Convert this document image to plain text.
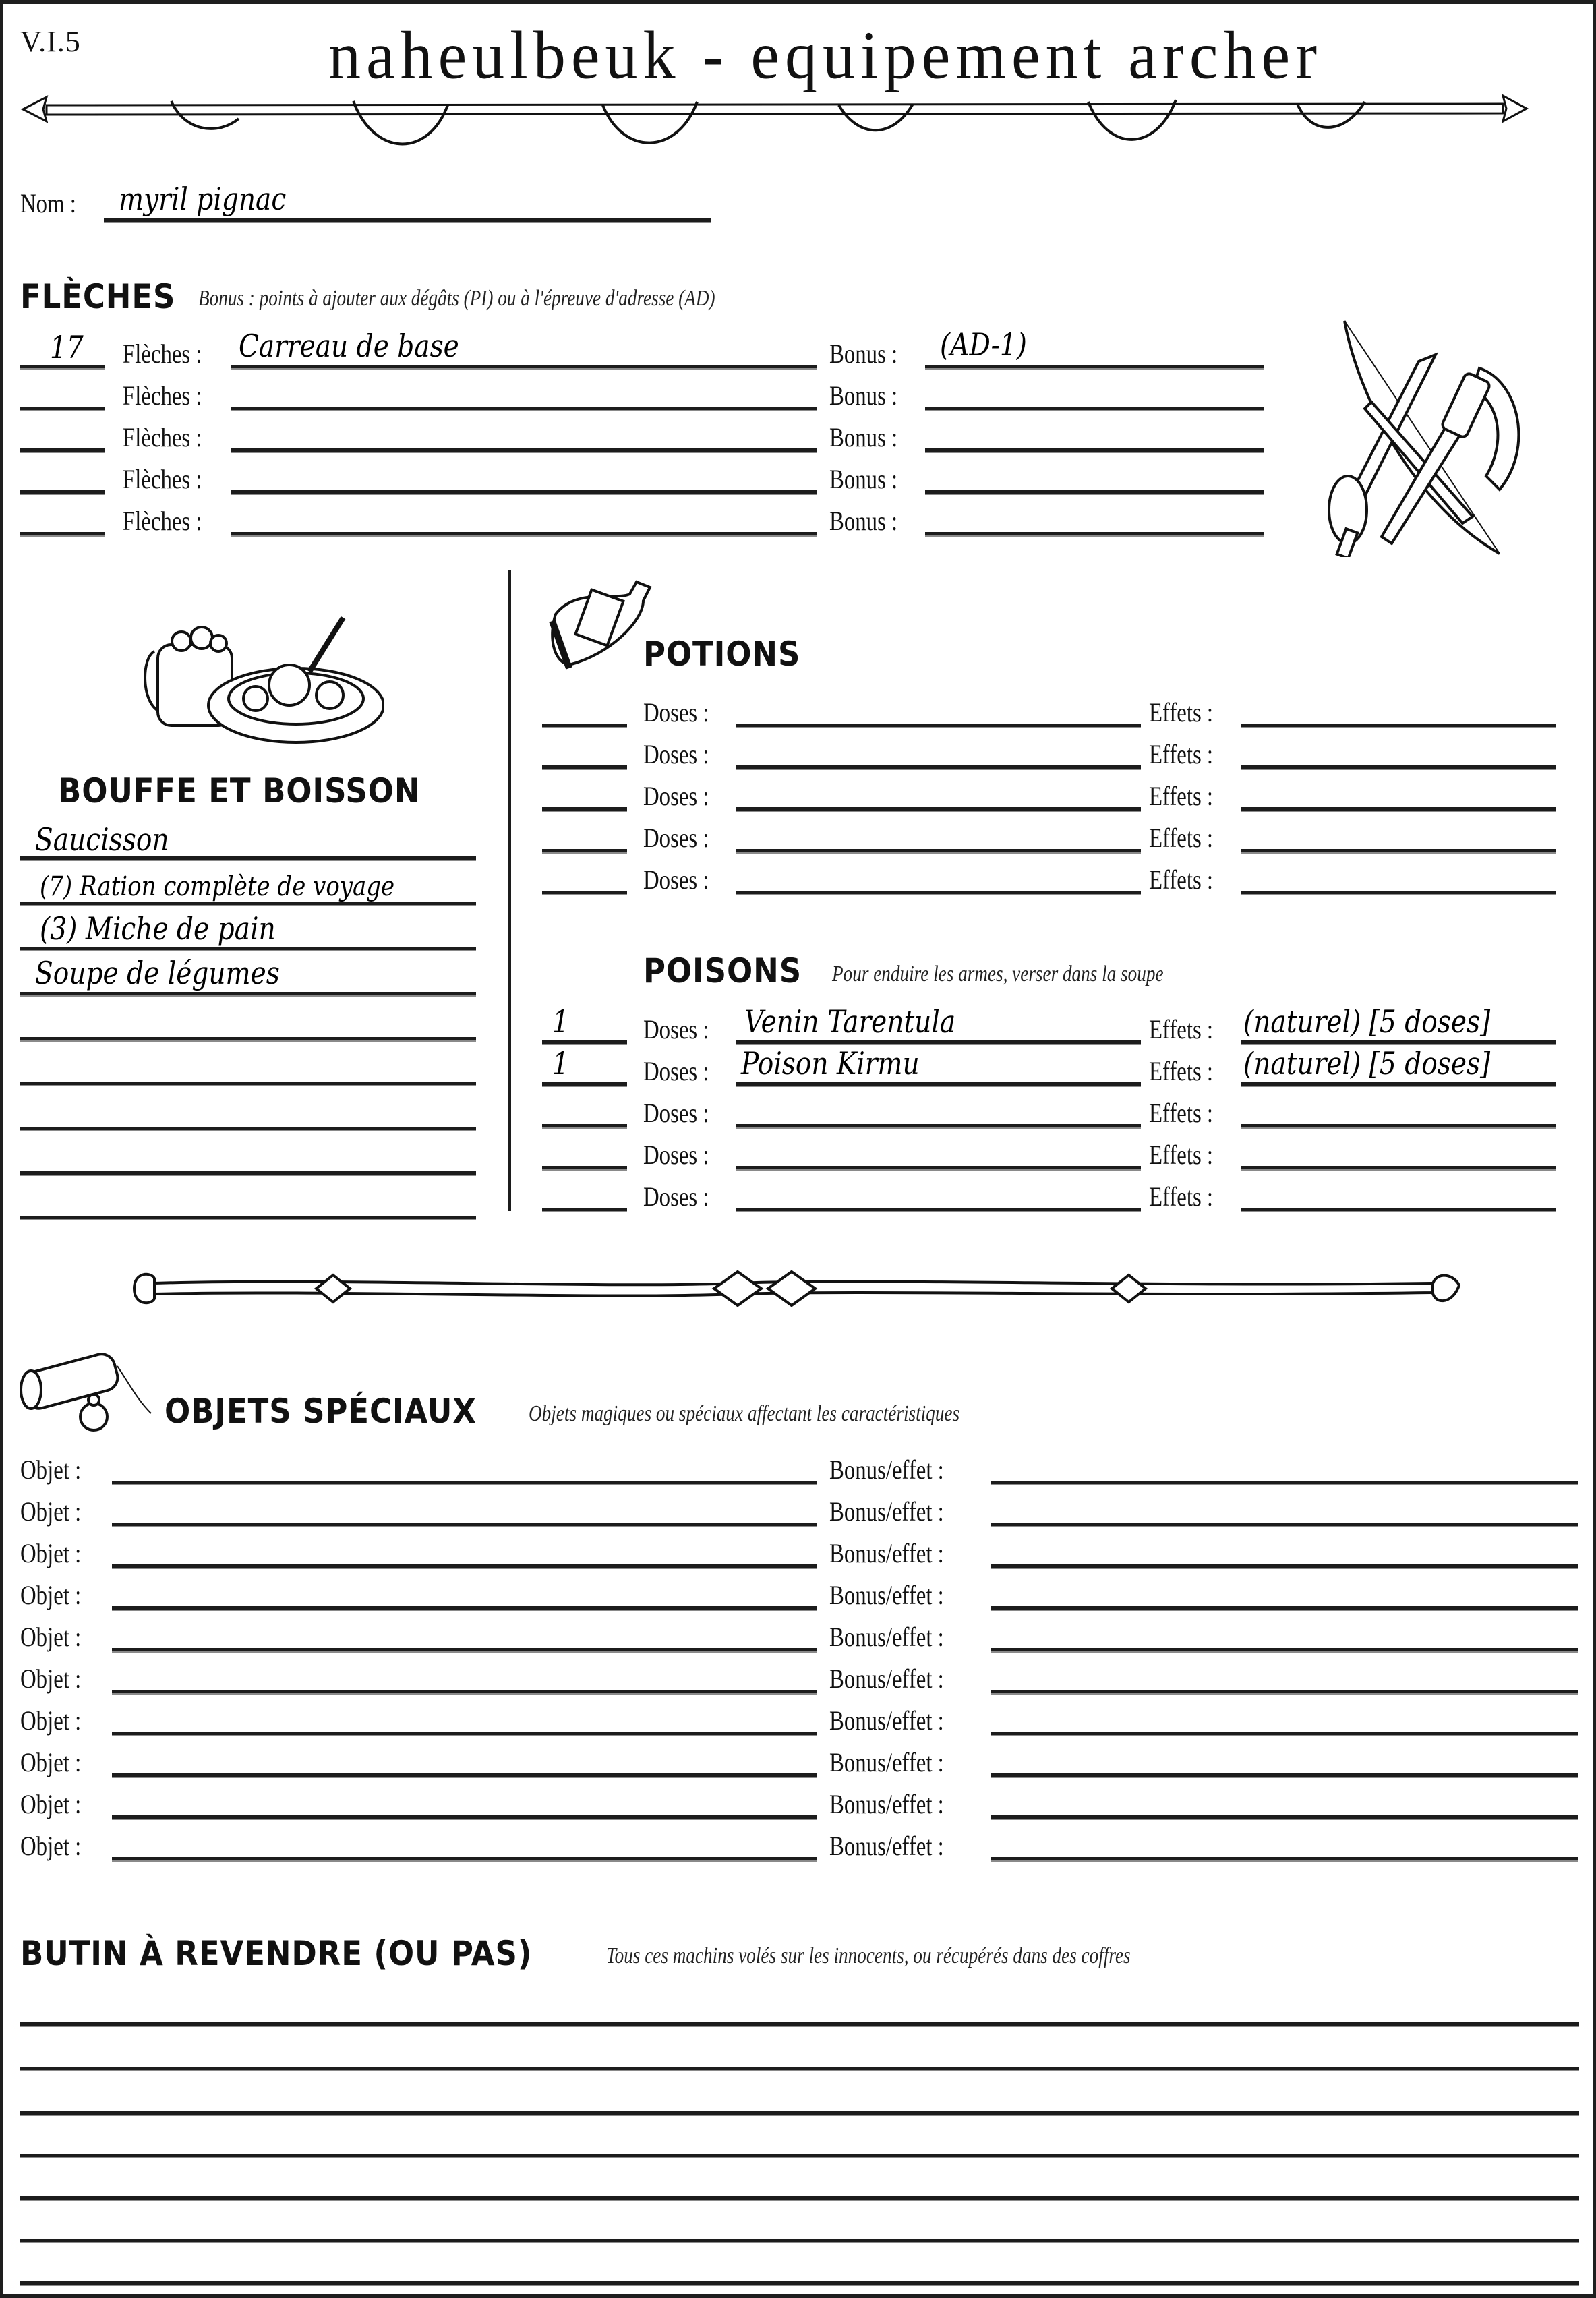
V.I.5	naheulbeuk - equipement archer
Nom : myril pignac
FLÈCHES Bonus : points à ajouter aux dégâts (PI) ou à l'épreuve d'adresse (AD)
17 Flèches : Carreau de base	Bonus : (AD-1)
Flèches :	Bonus :
Flèches :	Bonus :
Flèches :	Bonus :
Flèches :	Bonus :
BOUFFE ET BOISSON
Saucisson
(7) Ration complète de voyage
(3) Miche de pain
Soupe de légumes
POTIONS
Doses :	Effets :
Doses :	Effets :
Doses :	Effets :
Doses :	Effets :
Doses :	Effets :
POISONS Pour enduire les armes, verser dans la soupe
1	Doses : Venin Tarentula	Effets : (naturel) [5 doses]
1	Doses : Poison Kirmu	Effets : (naturel) [5 doses]
Doses :	Effets :
Doses :	Effets :
Doses :	Effets :
OBJETS SPÉCIAUX Objets magiques ou spéciaux affectant les caractéristiques
Objet :	Bonus/effet :
Objet :	Bonus/effet :
Objet :	Bonus/effet :
Objet :	Bonus/effet :
Objet :	Bonus/effet :
Objet :	Bonus/effet :
Objet :	Bonus/effet :
Objet :	Bonus/effet :
Objet :	Bonus/effet :
Objet :	Bonus/effet :
BUTIN À REVENDRE (OU PAS)	Tous ces machins volés sur les innocents, ou récupérés dans des coffres
